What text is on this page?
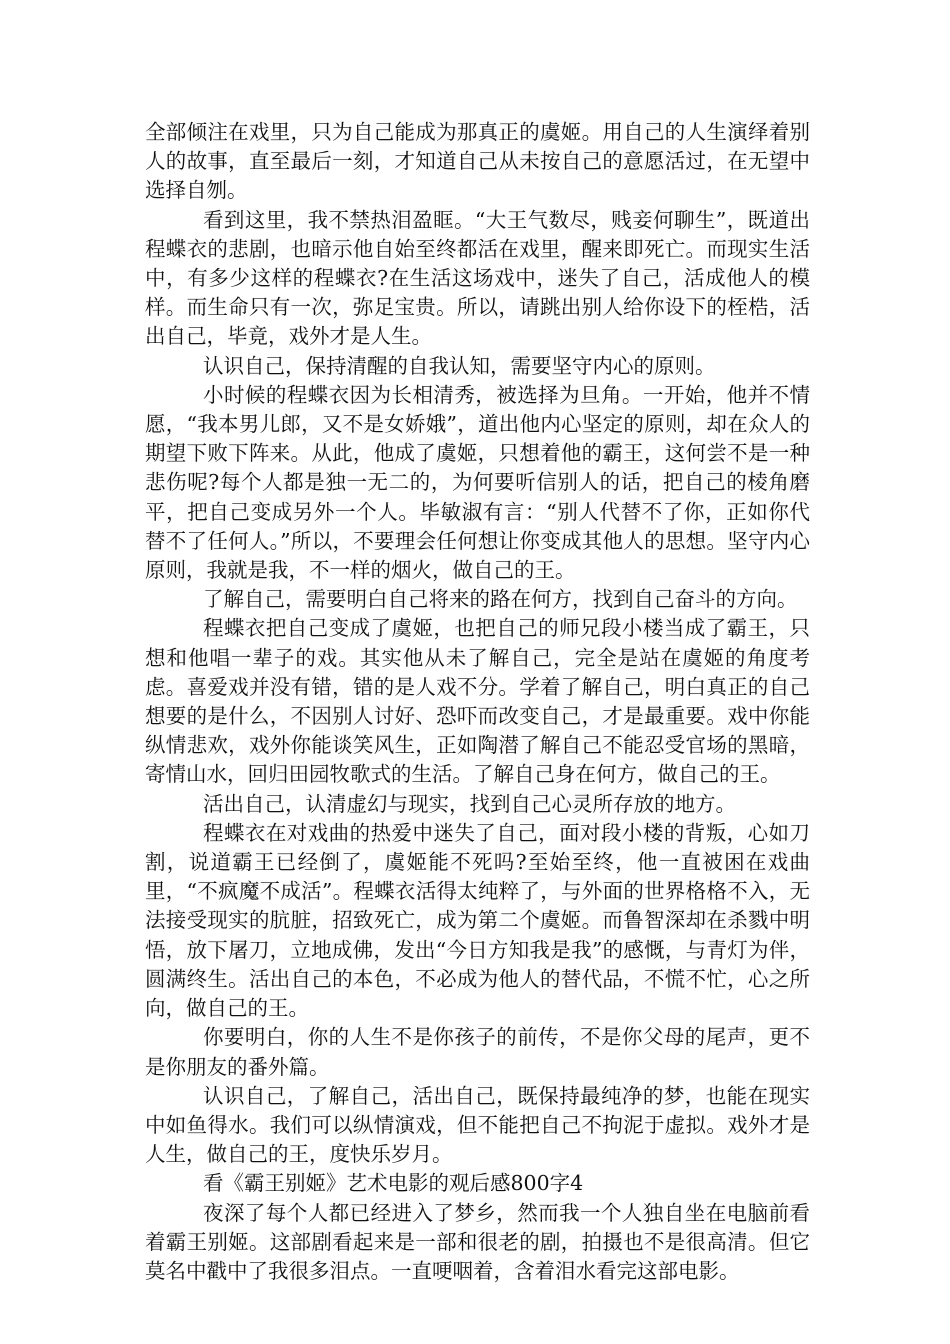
全部倾注在戏里，只为自己能成为那真正的虞姬。用自己的人生演绎着别人的故事，直至最后一刻，才知道自己从未按自己的意愿活过，在无望中选择自刎。

看到这里，我不禁热泪盈眶。“大王气数尽，贱妾何聊生”，既道出程蝶衣的悲剧，也暗示他自始至终都活在戏里，醒来即死亡。而现实生活中，有多少这样的程蝶衣?在生活这场戏中，迷失了自己，活成他人的模样。而生命只有一次，弥足宝贵。所以，请跳出别人给你设下的桎梏，活出自己，毕竟，戏外才是人生。

认识自己，保持清醒的自我认知，需要坚守内心的原则。

小时候的程蝶衣因为长相清秀，被选择为旦角。一开始，他并不情愿，“我本男儿郎，又不是女娇娥”，道出他内心坚定的原则，却在众人的期望下败下阵来。从此，他成了虞姬，只想着他的霸王，这何尝不是一种悲伤呢?每个人都是独一无二的，为何要听信别人的话，把自己的棱角磨平，把自己变成另外一个人。毕敏淑有言：“别人代替不了你，正如你代替不了任何人。”所以，不要理会任何想让你变成其他人的思想。坚守内心原则，我就是我，不一样的烟火，做自己的王。

了解自己，需要明白自己将来的路在何方，找到自己奋斗的方向。

程蝶衣把自己变成了虞姬，也把自己的师兄段小楼当成了霸王，只想和他唱一辈子的戏。其实他从未了解自己，完全是站在虞姬的角度考虑。喜爱戏并没有错，错的是人戏不分。学着了解自己，明白真正的自己想要的是什么，不因别人讨好、恐吓而改变自己，才是最重要。戏中你能纵情悲欢，戏外你能谈笑风生，正如陶潜了解自己不能忍受官场的黑暗，寄情山水，回归田园牧歌式的生活。了解自己身在何方，做自己的王。

活出自己，认清虚幻与现实，找到自己心灵所存放的地方。

程蝶衣在对戏曲的热爱中迷失了自己，面对段小楼的背叛，心如刀割，说道霸王已经倒了，虞姬能不死吗?至始至终，他一直被困在戏曲里，“不疯魔不成活”。程蝶衣活得太纯粹了，与外面的世界格格不入，无法接受现实的肮脏，招致死亡，成为第二个虞姬。而鲁智深却在杀戮中明悟，放下屠刀，立地成佛，发出“今日方知我是我”的感慨，与青灯为伴，圆满终生。活出自己的本色，不必成为他人的替代品，不慌不忙，心之所向，做自己的王。

你要明白，你的人生不是你孩子的前传，不是你父母的尾声，更不是你朋友的番外篇。

认识自己，了解自己，活出自己，既保持最纯净的梦，也能在现实中如鱼得水。我们可以纵情演戏，但不能把自己不拘泥于虚拟。戏外才是人生，做自己的王，度快乐岁月。

看《霸王别姬》艺术电影的观后感800字4

夜深了每个人都已经进入了梦乡，然而我一个人独自坐在电脑前看着霸王别姬。这部剧看起来是一部和很老的剧，拍摄也不是很高清。但它莫名中戳中了我很多泪点。一直哽咽着，含着泪水看完这部电影。
